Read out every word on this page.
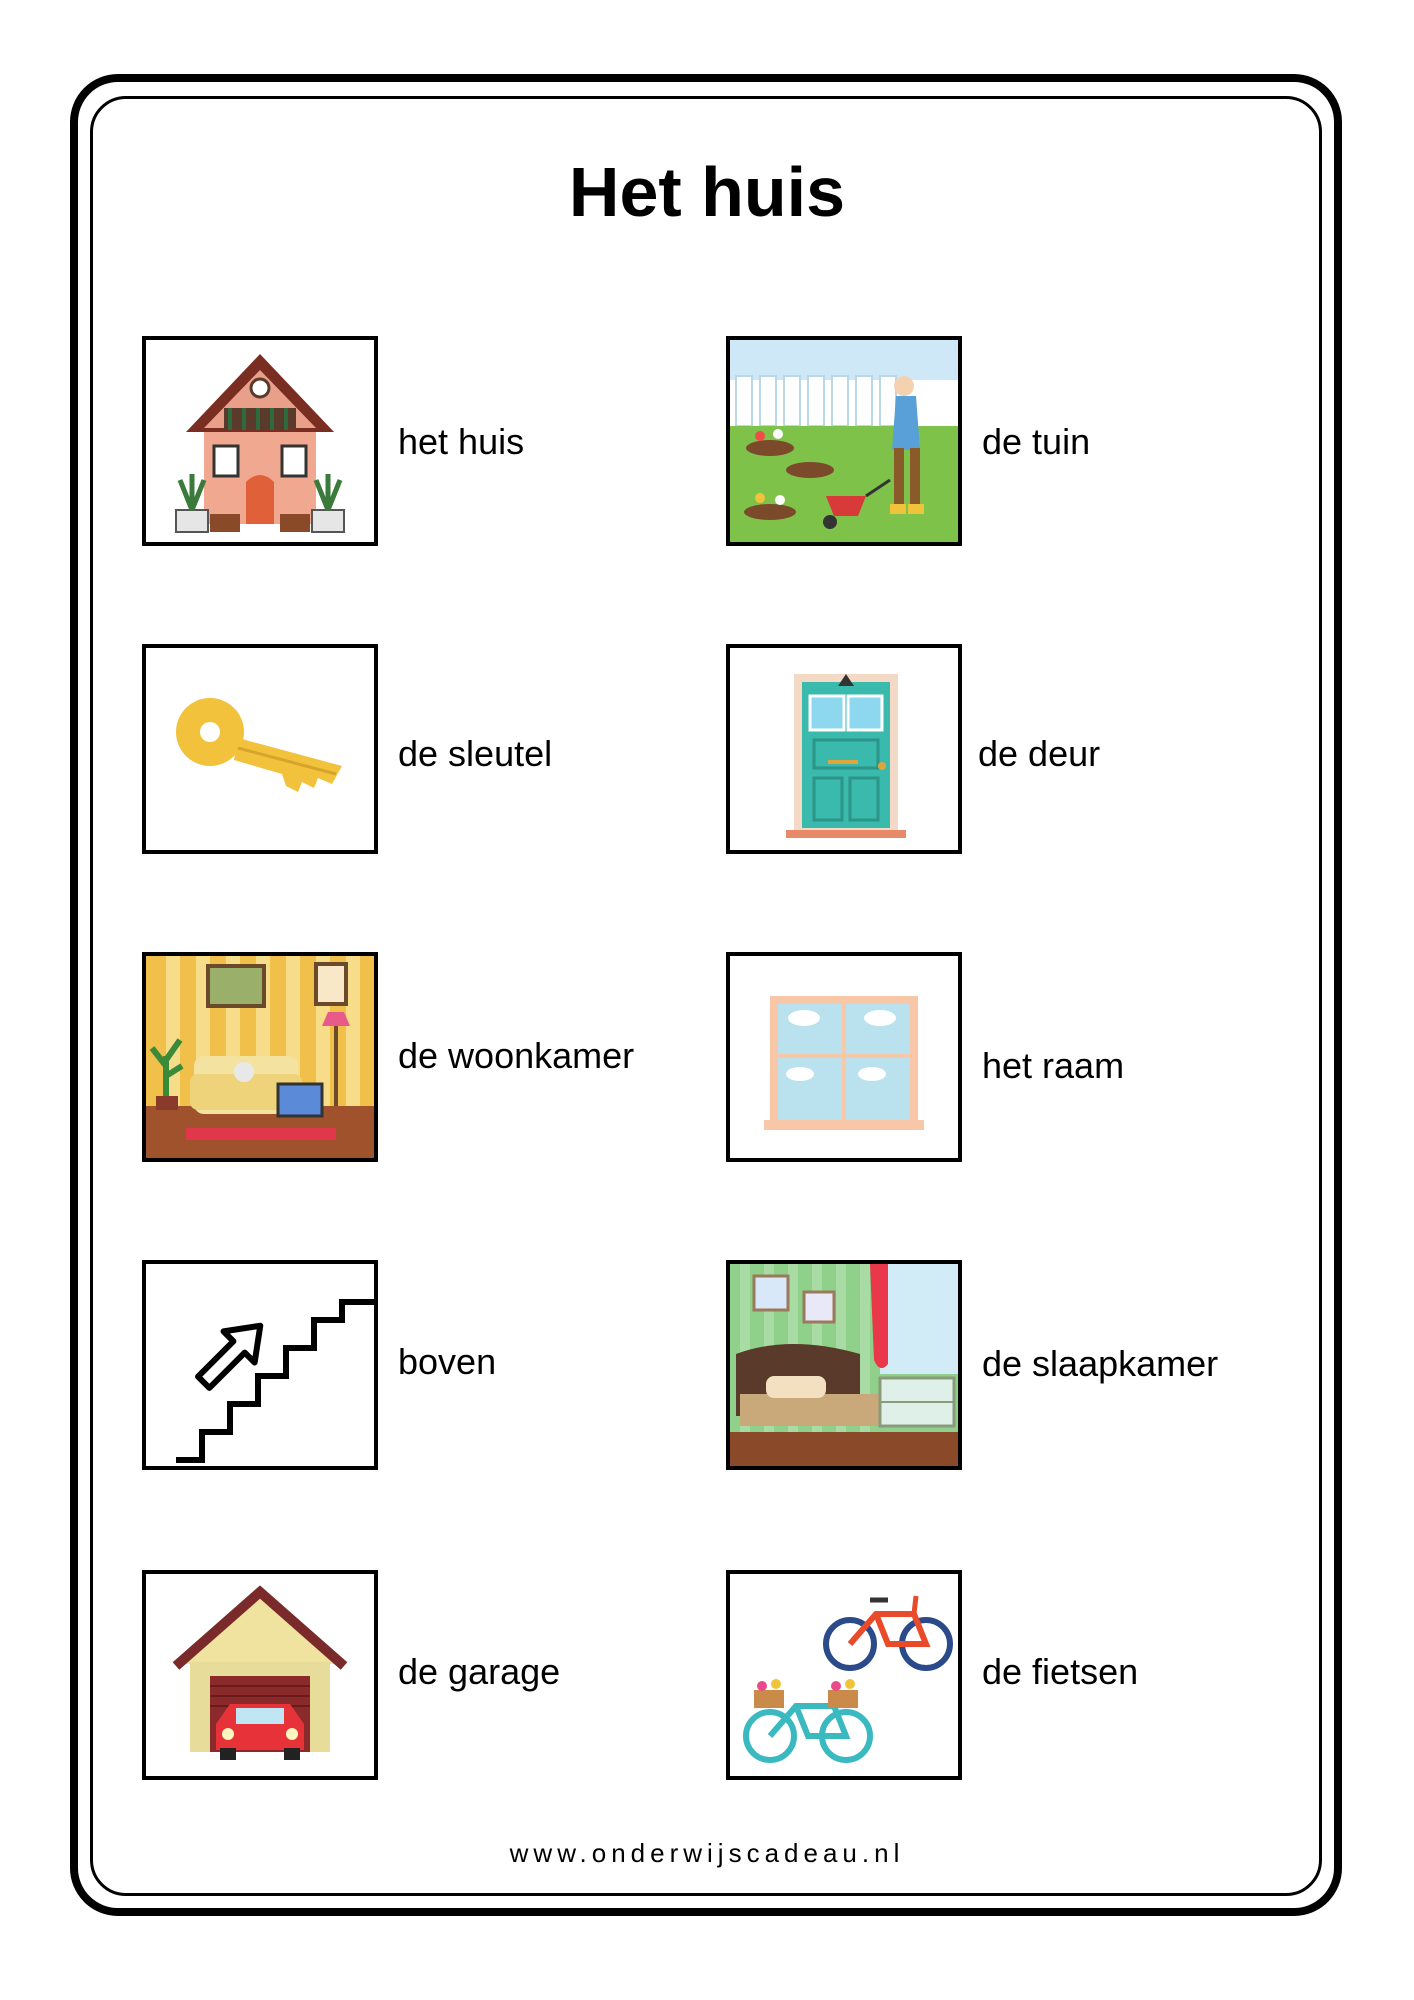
Het huis
het huis	de tuin
de sleutel	de deur
de woonkamer	het raam
boven	de slaapkamer
de garage	de fietsen
www.onderwijscadeau.nl
